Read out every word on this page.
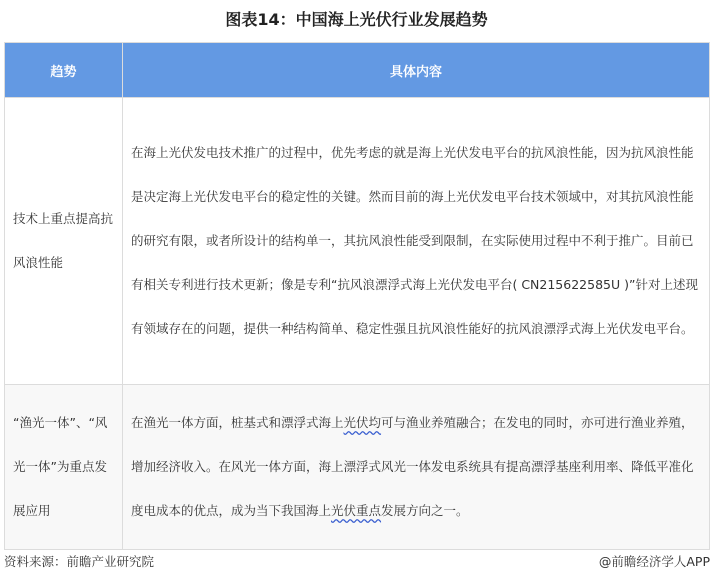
图表14：中国海上光伏行业发展趋势
趋势	具体内容
技术上重点提高抗风浪性能	在海上光伏发电技术推广的过程中，优先考虑的就是海上光伏发电平台的抗风浪性能，因为抗风浪性能是决定海上光伏发电平台的稳定性的关键。然而目前的海上光伏发电平台技术领域中，对其抗风浪性能的研究有限，或者所设计的结构单一，其抗风浪性能受到限制，在实际使用过程中不利于推广。目前已有相关专利进行技术更新；像是专利“抗风浪漂浮式海上光伏发电平台( CN215622585U )”针对上述现有领域存在的问题，提供一种结构简单、稳定性强且抗风浪性能好的抗风浪漂浮式海上光伏发电平台。
“渔光一体”、“风光一体”为重点发展应用	在渔光一体方面，桩基式和漂浮式海上光伏均可与渔业养殖融合；在发电的同时，亦可进行渔业养殖，增加经济收入。在风光一体方面，海上漂浮式风光一体发电系统具有提高漂浮基座利用率、降低平准化度电成本的优点，成为当下我国海上光伏重点发展方向之一。
资料来源：前瞻产业研究院	@前瞻经济学人APP
